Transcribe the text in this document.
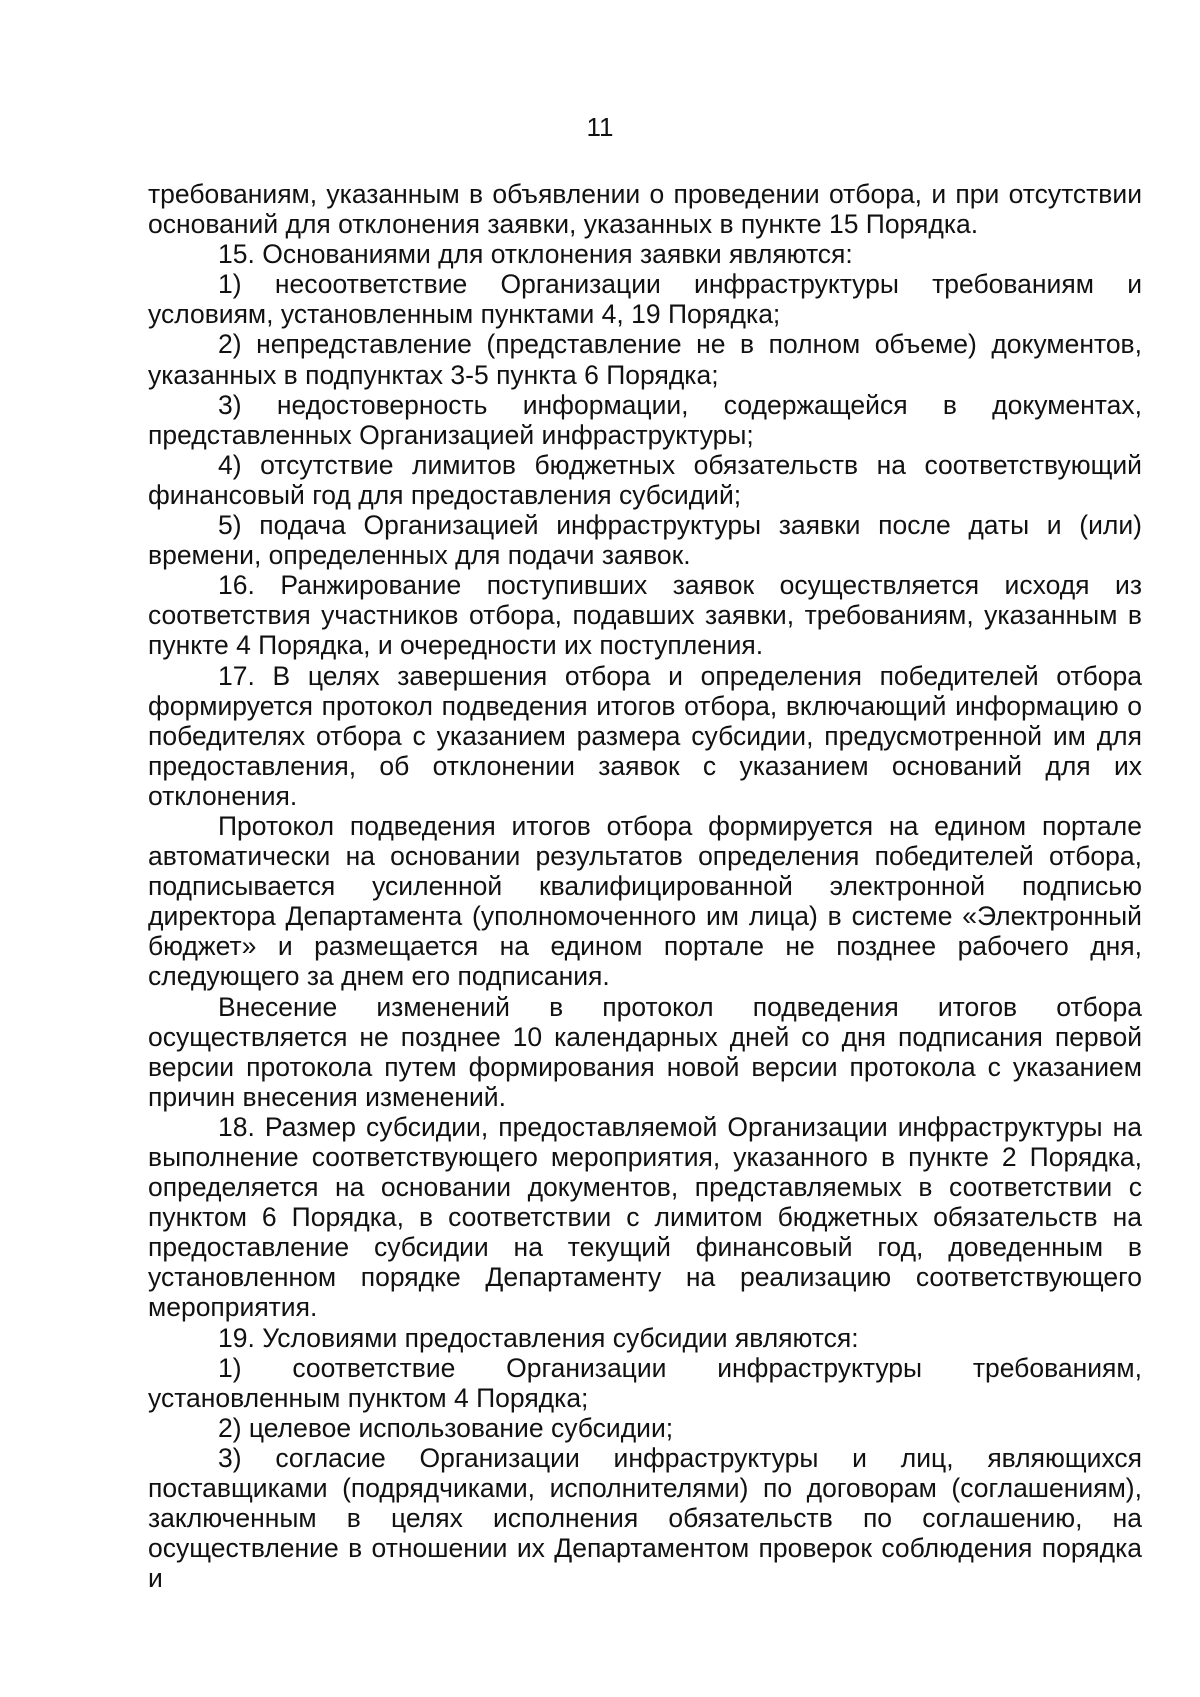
11

требованиям, указанным в объявлении о проведении отбора, и при отсутствии оснований для отклонения заявки, указанных в пункте 15 Порядка.

15. Основаниями для отклонения заявки являются:

1) несоответствие Организации инфраструктуры требованиям и условиям, установленным пунктами 4, 19 Порядка;

2) непредставление (представление не в полном объеме) документов, указанных в подпунктах 3-5 пункта 6 Порядка;

3) недостоверность информации, содержащейся в документах, представленных Организацией инфраструктуры;

4) отсутствие лимитов бюджетных обязательств на соответствующий финансовый год для предоставления субсидий;

5) подача Организацией инфраструктуры заявки после даты и (или) времени, определенных для подачи заявок.

16. Ранжирование поступивших заявок осуществляется исходя из соответствия участников отбора, подавших заявки, требованиям, указанным в пункте 4 Порядка, и очередности их поступления.

17. В целях завершения отбора и определения победителей отбора формируется протокол подведения итогов отбора, включающий информацию о победителях отбора с указанием размера субсидии, предусмотренной им для предоставления, об отклонении заявок с указанием оснований для их отклонения.

Протокол подведения итогов отбора формируется на едином портале автоматически на основании результатов определения победителей отбора, подписывается усиленной квалифицированной электронной подписью директора Департамента (уполномоченного им лица) в системе «Электронный бюджет» и размещается на едином портале не позднее рабочего дня, следующего за днем его подписания.

Внесение изменений в протокол подведения итогов отбора осуществляется не позднее 10 календарных дней со дня подписания первой версии протокола путем формирования новой версии протокола с указанием причин внесения изменений.

18. Размер субсидии, предоставляемой Организации инфраструктуры на выполнение соответствующего мероприятия, указанного в пункте 2 Порядка, определяется на основании документов, представляемых в соответствии с пунктом 6 Порядка, в соответствии с лимитом бюджетных обязательств на предоставление субсидии на текущий финансовый год, доведенным в установленном порядке Департаменту на реализацию соответствующего мероприятия.

19. Условиями предоставления субсидии являются:

1) соответствие Организации инфраструктуры требованиям, установленным пунктом 4 Порядка;

2) целевое использование субсидии;

3) согласие Организации инфраструктуры и лиц, являющихся поставщиками (подрядчиками, исполнителями) по договорам (соглашениям), заключенным в целях исполнения обязательств по соглашению, на осуществление в отношении их Департаментом проверок соблюдения порядка и
